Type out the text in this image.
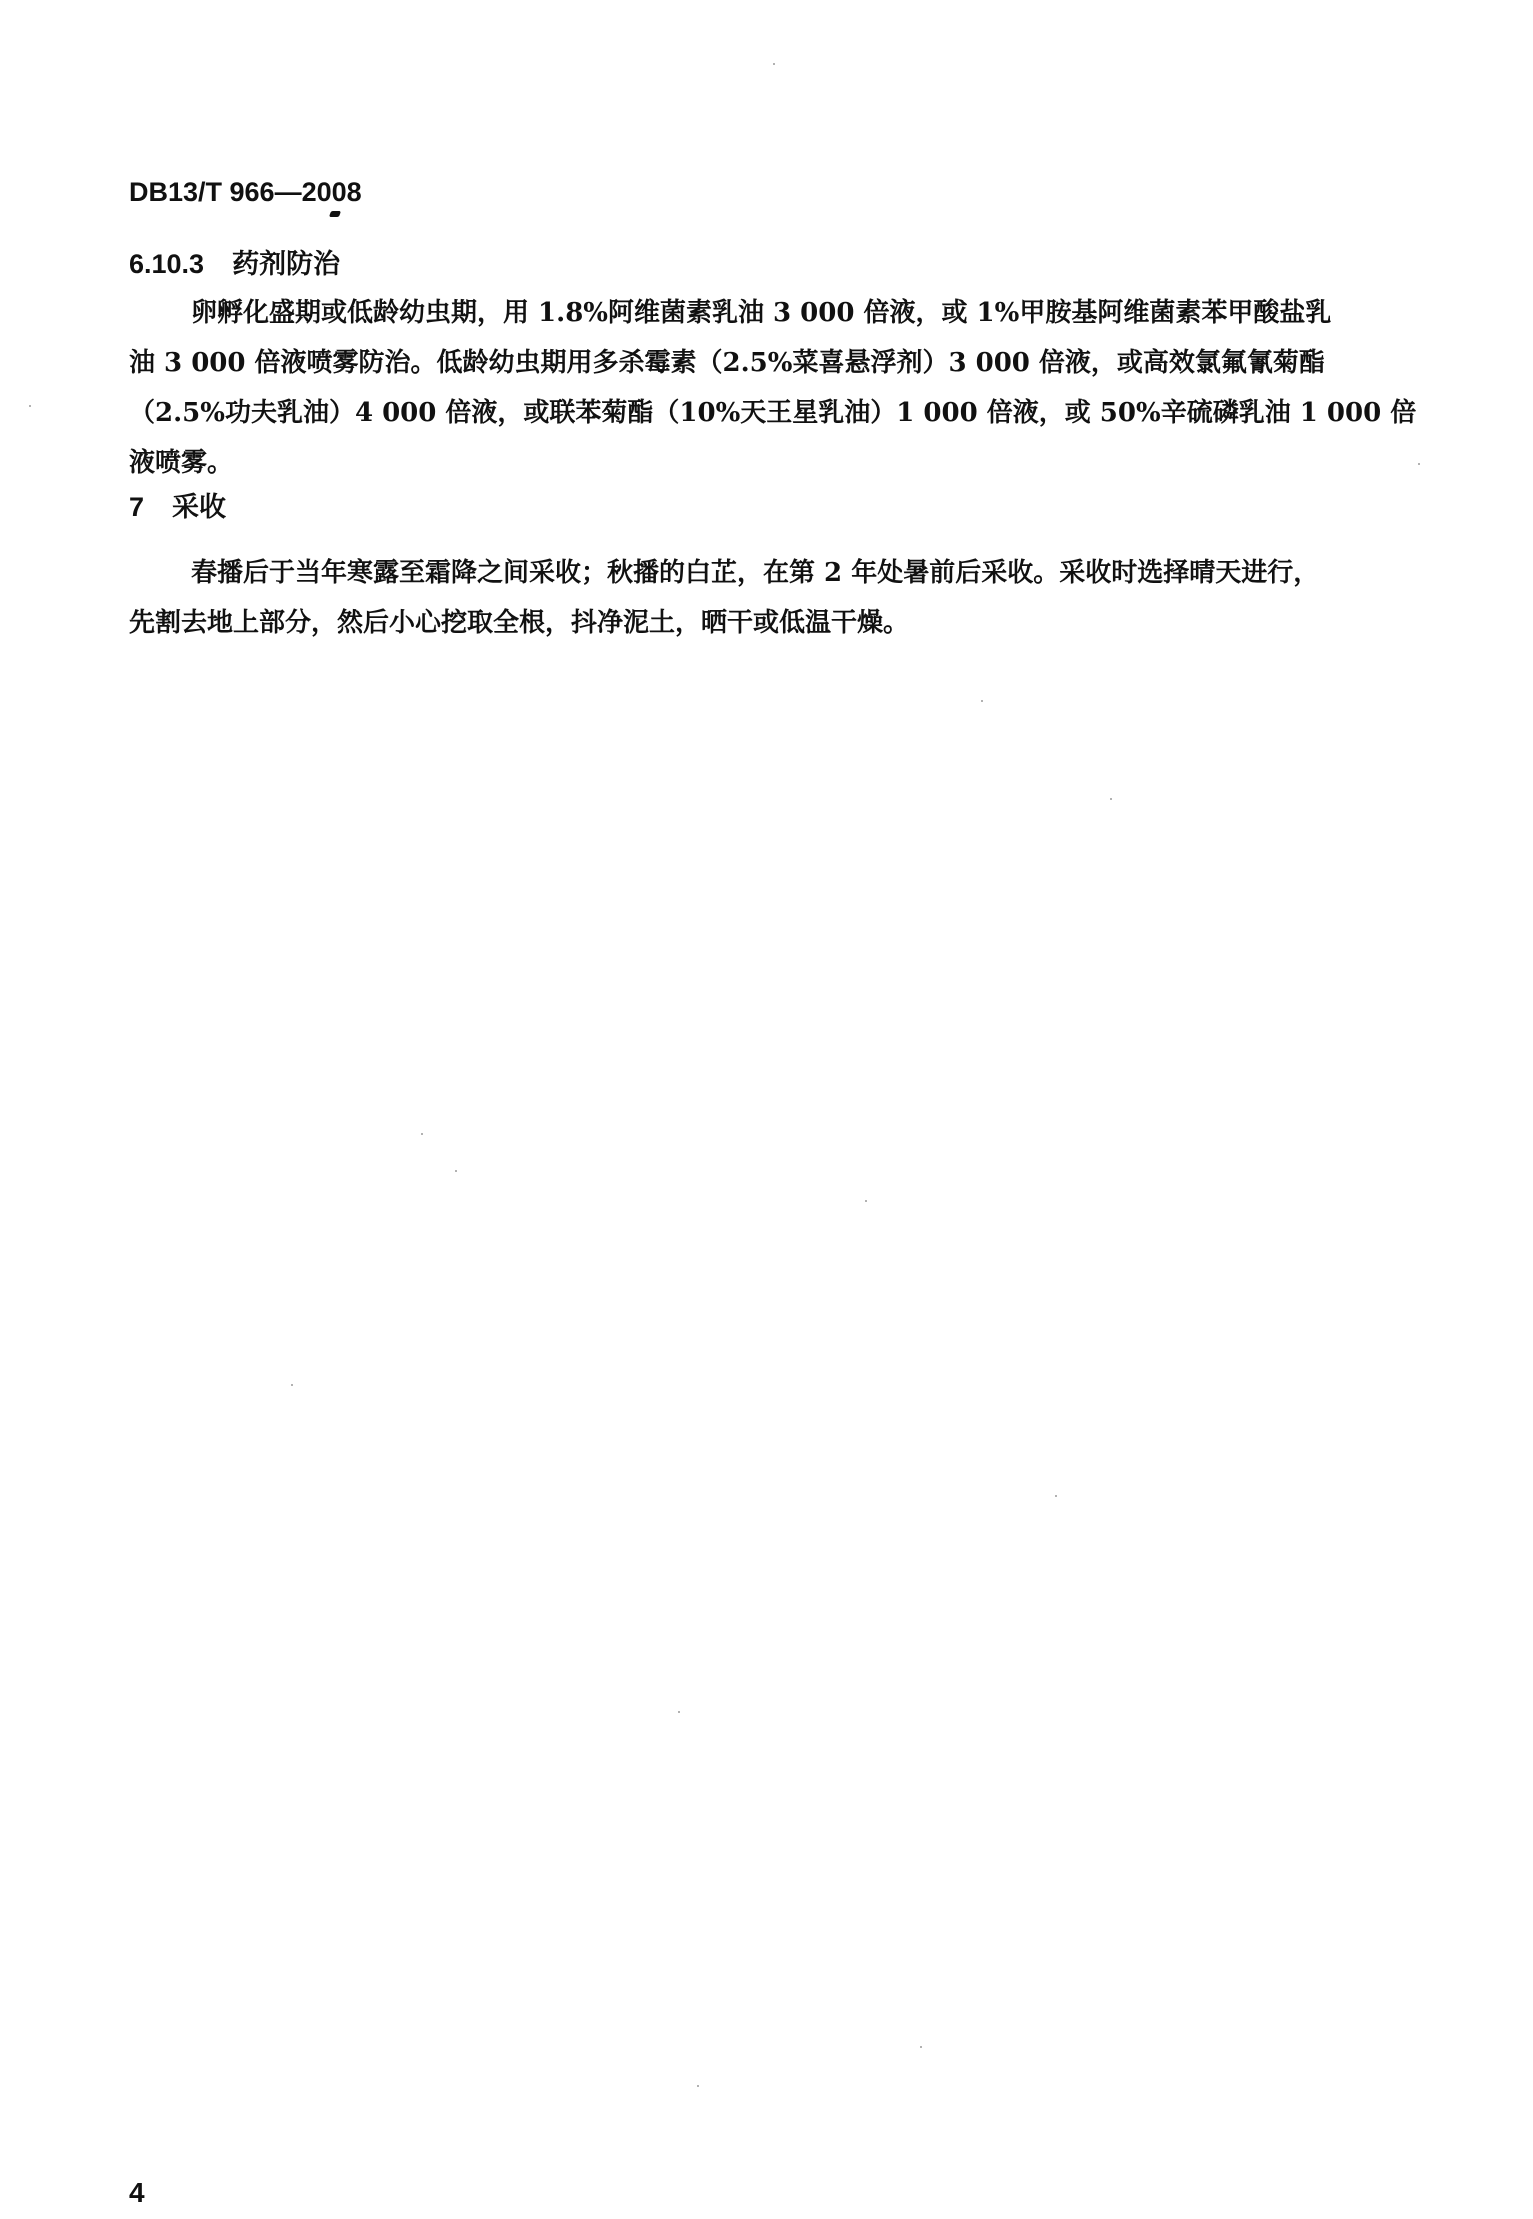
DB13/T 966—2008
6.10.3 药剂防治
卵孵化盛期或低龄幼虫期，用 1.8%阿维菌素乳油 3 000 倍液，或 1%甲胺基阿维菌素苯甲酸盐乳
油 3 000 倍液喷雾防治。低龄幼虫期用多杀霉素（2.5%菜喜悬浮剂）3 000 倍液，或高效氯氟氰菊酯
（2.5%功夫乳油）4 000 倍液，或联苯菊酯（10%天王星乳油）1 000 倍液，或 50%辛硫磷乳油 1 000 倍
液喷雾。
7 采收
春播后于当年寒露至霜降之间采收；秋播的白芷，在第 2 年处暑前后采收。采收时选择晴天进行，
先割去地上部分，然后小心挖取全根，抖净泥土，晒干或低温干燥。
4
